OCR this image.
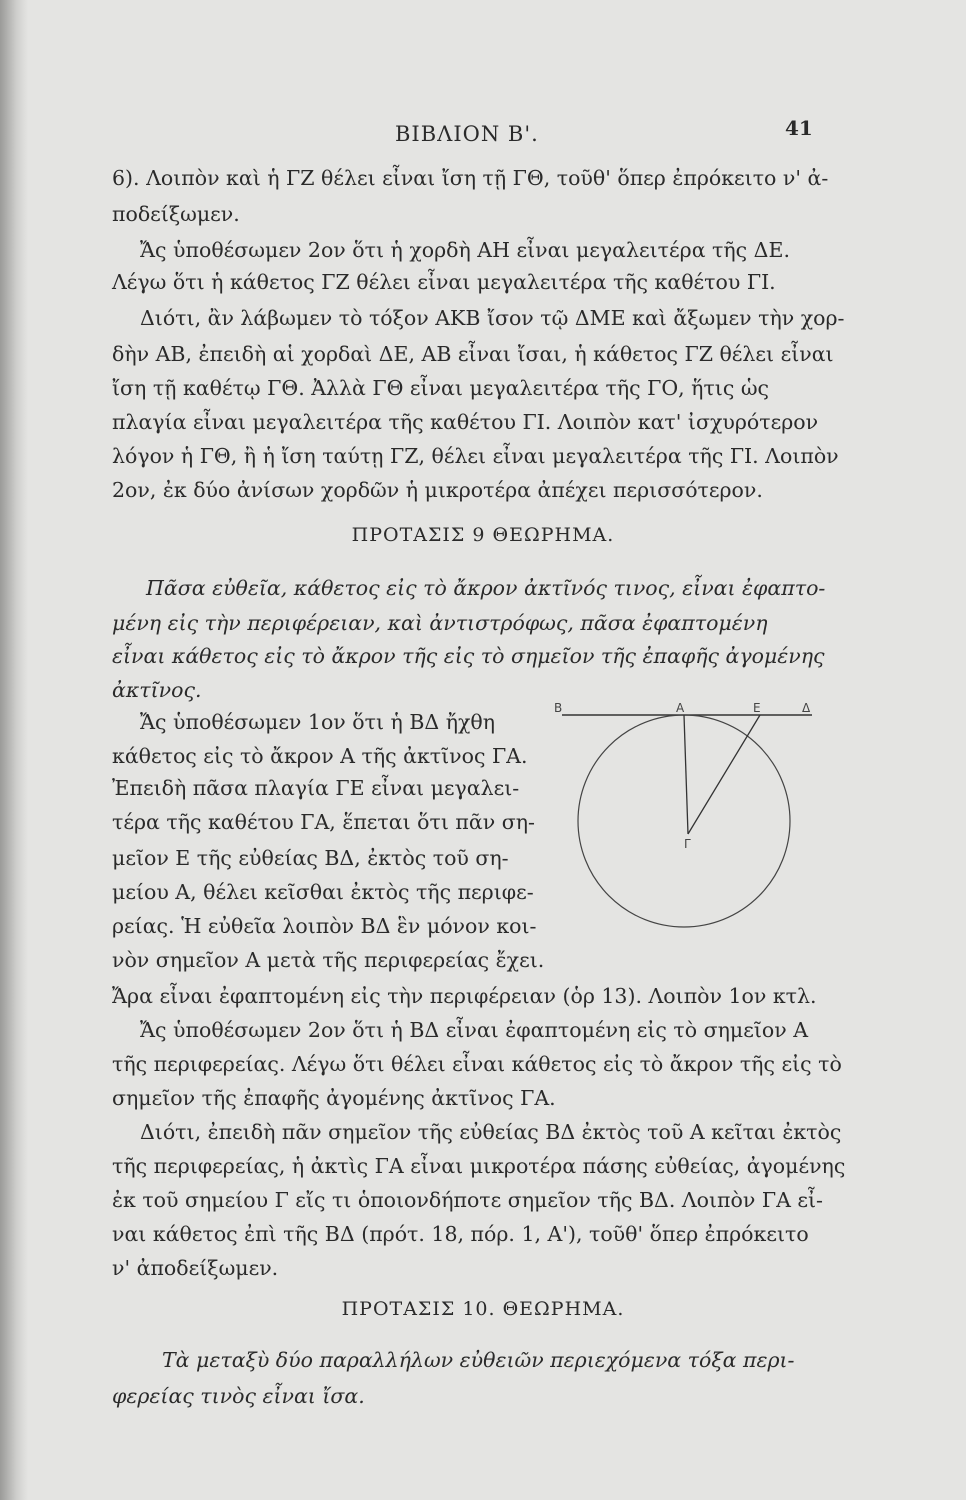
ΒΙΒΛΙΟΝ Β'.	41
6). Λοιπὸν καὶ ἡ ΓΖ θέλει εἶναι ἴση τῇ ΓΘ, τοῦθ' ὅπερ ἐπρόκειτο ν' ἀ-
ποδείξωμεν.
Ἄς ὑποθέσωμεν 2ον ὅτι ἡ χορδὴ ΑΗ εἶναι μεγαλειτέρα τῆς ΔΕ.
Λέγω ὅτι ἡ κάθετος ΓΖ θέλει εἶναι μεγαλειτέρα τῆς καθέτου ΓΙ.
Διότι, ἂν λάβωμεν τὸ τόξον ΑΚΒ ἴσον τῷ ΔΜΕ καὶ ἄξωμεν τὴν χορ-
δὴν ΑΒ, ἐπειδὴ αἱ χορδαὶ ΔΕ, ΑΒ εἶναι ἴσαι, ἡ κάθετος ΓΖ θέλει εἶναι
ἴση τῇ καθέτῳ ΓΘ. Ἀλλὰ ΓΘ εἶναι μεγαλειτέρα τῆς ΓΟ, ἥτις ὡς
πλαγία εἶναι μεγαλειτέρα τῆς καθέτου ΓΙ. Λοιπὸν κατ' ἰσχυρότερον
λόγον ἡ ΓΘ, ἢ ἡ ἴση ταύτῃ ΓΖ, θέλει εἶναι μεγαλειτέρα τῆς ΓΙ. Λοιπὸν
2ον, ἐκ δύο ἀνίσων χορδῶν ἡ μικροτέρα ἀπέχει περισσότερον.
ΠΡΟΤΑΣΙΣ 9 ΘΕΩΡΗΜΑ.
Πᾶσα εὐθεῖα, κάθετος εἰς τὸ ἄκρον ἀκτῖνός τινος, εἶναι ἐφαπτο-
μένη εἰς τὴν περιφέρειαν, καὶ ἀντιστρόφως, πᾶσα ἐφαπτομένη
εἶναι κάθετος εἰς τὸ ἄκρον τῆς εἰς τὸ σημεῖον τῆς ἐπαφῆς ἀγομένης
ἀκτῖνος.
Ἄς ὑποθέσωμεν 1ον ὅτι ἡ ΒΔ ἤχθη
κάθετος εἰς τὸ ἄκρον Α τῆς ἀκτῖνος ΓΑ.
Ἐπειδὴ πᾶσα πλαγία ΓΕ εἶναι μεγαλει-
τέρα τῆς καθέτου ΓΑ, ἕπεται ὅτι πᾶν ση-
μεῖον Ε τῆς εὐθείας ΒΔ, ἐκτὸς τοῦ ση-
μείου Α, θέλει κεῖσθαι ἐκτὸς τῆς περιφε-
ρείας. Ἡ εὐθεῖα λοιπὸν ΒΔ ἓν μόνον κοι-
νὸν σημεῖον Α μετὰ τῆς περιφερείας ἔχει.
Β	Α	Ε	Δ
Γ
Ἄρα εἶναι ἐφαπτομένη εἰς τὴν περιφέρειαν (ὁρ 13). Λοιπὸν 1ον κτλ.
Ἄς ὑποθέσωμεν 2ον ὅτι ἡ ΒΔ εἶναι ἐφαπτομένη εἰς τὸ σημεῖον Α
τῆς περιφερείας. Λέγω ὅτι θέλει εἶναι κάθετος εἰς τὸ ἄκρον τῆς εἰς τὸ
σημεῖον τῆς ἐπαφῆς ἀγομένης ἀκτῖνος ΓΑ.
Διότι, ἐπειδὴ πᾶν σημεῖον τῆς εὐθείας ΒΔ ἐκτὸς τοῦ Α κεῖται ἐκτὸς
τῆς περιφερείας, ἡ ἀκτὶς ΓΑ εἶναι μικροτέρα πάσης εὐθείας, ἀγομένης
ἐκ τοῦ σημείου Γ εἴς τι ὁποιονδήποτε σημεῖον τῆς ΒΔ. Λοιπὸν ΓΑ εἶ-
ναι κάθετος ἐπὶ τῆς ΒΔ (πρότ. 18, πόρ. 1, Α'), τοῦθ' ὅπερ ἐπρόκειτο
ν' ἀποδείξωμεν.
ΠΡΟΤΑΣΙΣ 10. ΘΕΩΡΗΜΑ.
Τὰ μεταξὺ δύο παραλλήλων εὐθειῶν περιεχόμενα τόξα περι-
φερείας τινὸς εἶναι ἴσα.
